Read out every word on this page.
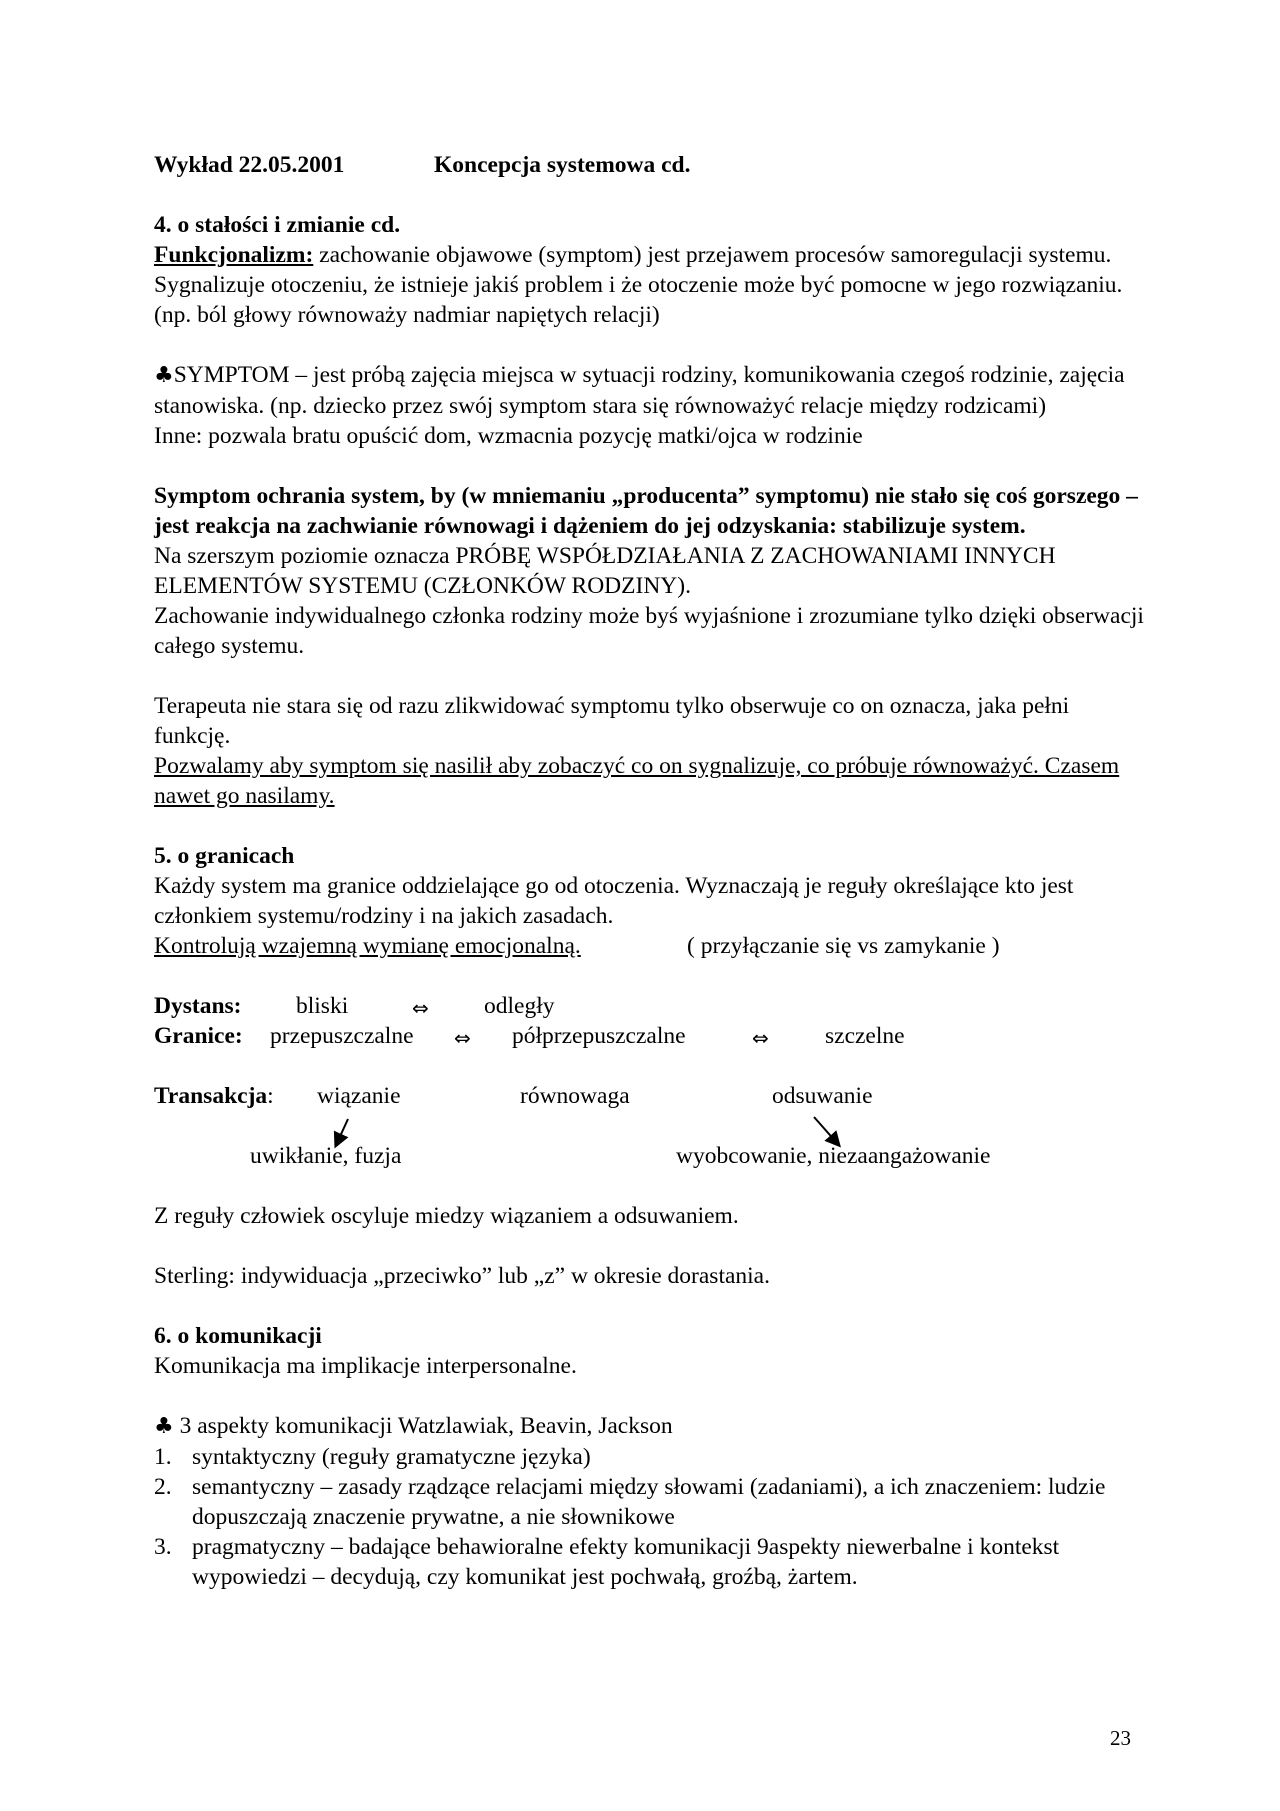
Wykład 22.05.2001	Koncepcja systemowa cd.

4. o stałości i zmianie cd.

Funkcjonalizm: zachowanie objawowe (symptom) jest przejawem procesów samoregulacji systemu. Sygnalizuje otoczeniu, że istnieje jakiś problem i że otoczenie może być pomocne w jego rozwiązaniu. (np. ból głowy równoważy nadmiar napiętych relacji)

♣SYMPTOM – jest próbą zajęcia miejsca w sytuacji rodziny, komunikowania czegoś rodzinie, zajęcia stanowiska. (np. dziecko przez swój symptom stara się równoważyć relacje między rodzicami)

Inne: pozwala bratu opuścić dom, wzmacnia pozycję matki/ojca w rodzinie

Symptom ochrania system, by (w mniemaniu „producenta” symptomu) nie stało się coś gorszego – jest reakcja na zachwianie równowagi i dążeniem do jej odzyskania: stabilizuje system.

Na szerszym poziomie oznacza PRÓBĘ WSPÓŁDZIAŁANIA Z ZACHOWANIAMI INNYCH ELEMENTÓW SYSTEMU (CZŁONKÓW RODZINY).

Zachowanie indywidualnego członka rodziny może byś wyjaśnione i zrozumiane tylko dzięki obserwacji całego systemu.

Terapeuta nie stara się od razu zlikwidować symptomu tylko obserwuje co on oznacza, jaka pełni funkcję.

Pozwalamy aby symptom się nasilił aby zobaczyć co on sygnalizuje, co próbuje równoważyć. Czasem nawet go nasilamy.

5. o granicach

Każdy system ma granice oddzielające go od otoczenia. Wyznaczają je reguły określające kto jest członkiem systemu/rodziny i na jakich zasadach.

Kontrolują wzajemną wymianę emocjonalną.	( przyłączanie się vs zamykanie )
Dystans: bliski	⇔ odległy
Granice: przepuszczalne ⇔ półprzepuszczalne	⇔ szczelne
Transakcja: wiązanie	równowaga	odsuwanie
uwikłanie, fuzja	wyobcowanie, niezaangażowanie

Z reguły człowiek oscyluje miedzy wiązaniem a odsuwaniem.

Sterling: indywiduacja „przeciwko” lub „z” w okresie dorastania.

6. o komunikacji

Komunikacja ma implikacje interpersonalne.

♣ 3 aspekty komunikacji Watzlawiak, Beavin, Jackson

1. syntaktyczny (reguły gramatyczne języka)
2. semantyczny – zasady rządzące relacjami między słowami (zadaniami), a ich znaczeniem: ludzie dopuszczają znaczenie prywatne, a nie słownikowe
3. pragmatyczny – badające behawioralne efekty komunikacji 9aspekty niewerbalne i kontekst wypowiedzi – decydują, czy komunikat jest pochwałą, groźbą, żartem.
23
